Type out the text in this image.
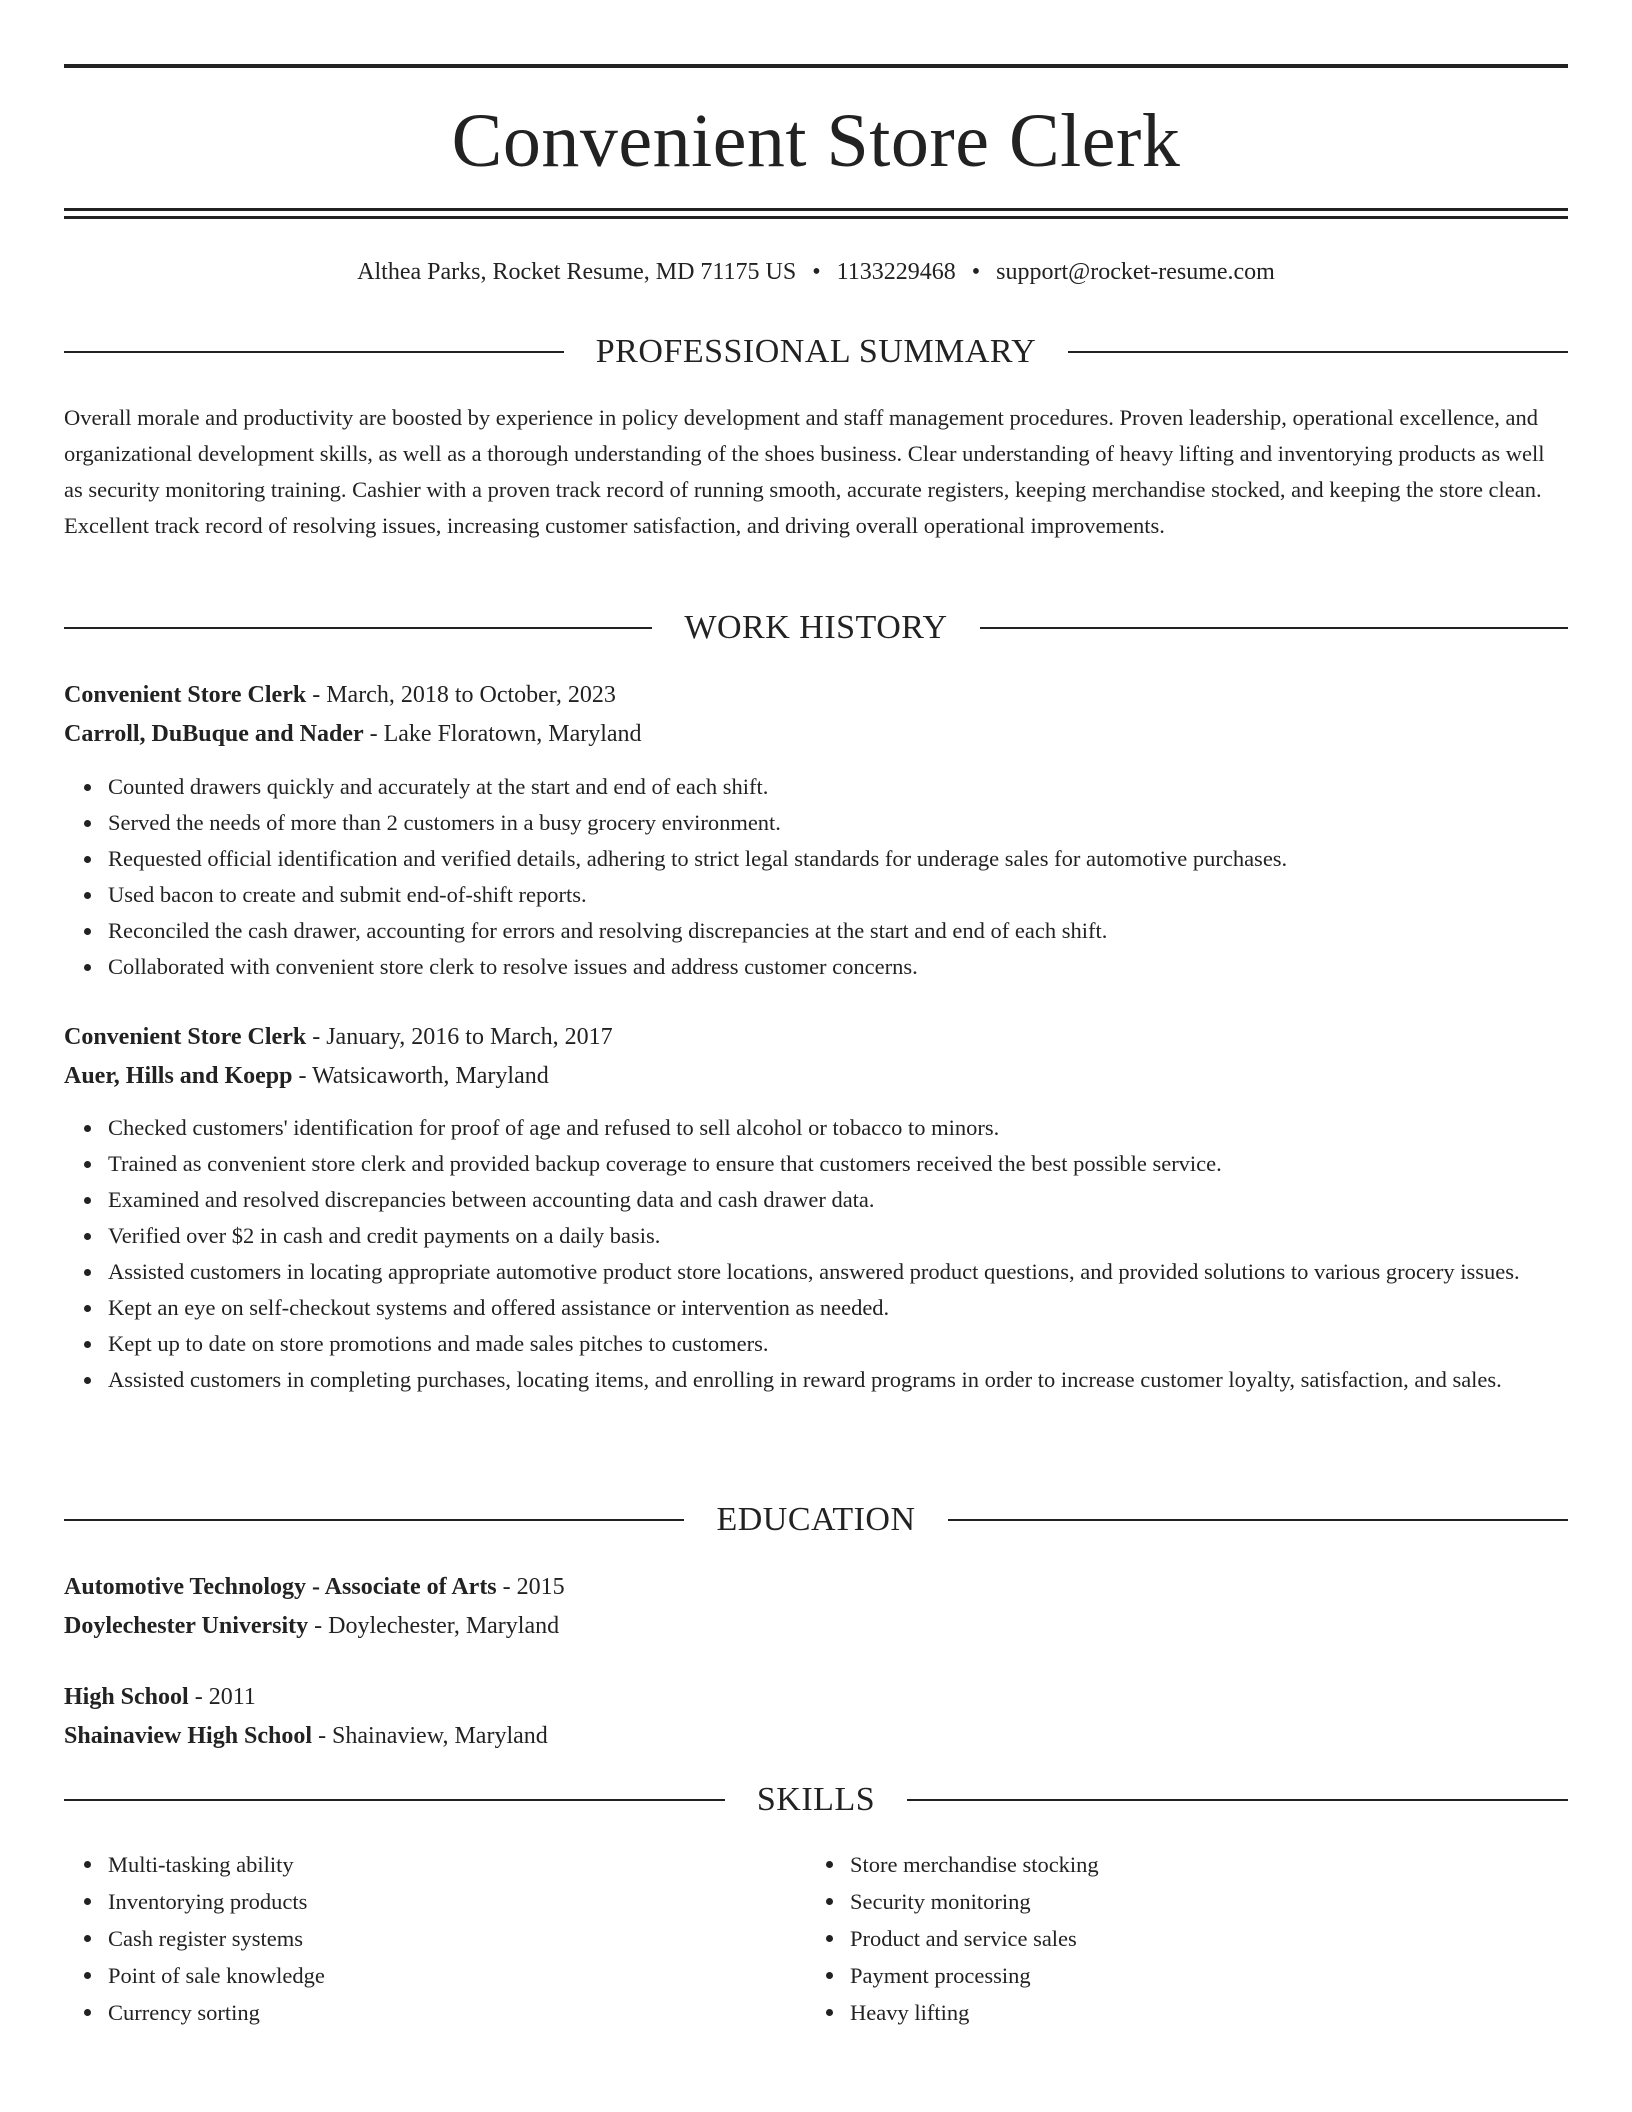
Convenient Store Clerk
Althea Parks, Rocket Resume, MD 71175 US • 1133229468 • support@rocket-resume.com
PROFESSIONAL SUMMARY

Overall morale and productivity are boosted by experience in policy development and staff management procedures. Proven leadership, operational excellence, and organizational development skills, as well as a thorough understanding of the shoes business. Clear understanding of heavy lifting and inventorying products as well as security monitoring training. Cashier with a proven track record of running smooth, accurate registers, keeping merchandise stocked, and keeping the store clean. Excellent track record of resolving issues, increasing customer satisfaction, and driving overall operational improvements.

WORK HISTORY
Convenient Store Clerk - March, 2018 to October, 2023
Carroll, DuBuque and Nader - Lake Floratown, Maryland
Counted drawers quickly and accurately at the start and end of each shift.
Served the needs of more than 2 customers in a busy grocery environment.
Requested official identification and verified details, adhering to strict legal standards for underage sales for automotive purchases.
Used bacon to create and submit end-of-shift reports.
Reconciled the cash drawer, accounting for errors and resolving discrepancies at the start and end of each shift.
Collaborated with convenient store clerk to resolve issues and address customer concerns.
Convenient Store Clerk - January, 2016 to March, 2017
Auer, Hills and Koepp - Watsicaworth, Maryland
Checked customers' identification for proof of age and refused to sell alcohol or tobacco to minors.
Trained as convenient store clerk and provided backup coverage to ensure that customers received the best possible service.
Examined and resolved discrepancies between accounting data and cash drawer data.
Verified over $2 in cash and credit payments on a daily basis.
Assisted customers in locating appropriate automotive product store locations, answered product questions, and provided solutions to various grocery issues.
Kept an eye on self-checkout systems and offered assistance or intervention as needed.
Kept up to date on store promotions and made sales pitches to customers.
Assisted customers in completing purchases, locating items, and enrolling in reward programs in order to increase customer loyalty, satisfaction, and sales.
EDUCATION
Automotive Technology - Associate of Arts - 2015
Doylechester University - Doylechester, Maryland
High School - 2011
Shainaview High School - Shainaview, Maryland
SKILLS
Multi-tasking ability
Inventorying products
Cash register systems
Point of sale knowledge
Currency sorting
Store merchandise stocking
Security monitoring
Product and service sales
Payment processing
Heavy lifting
